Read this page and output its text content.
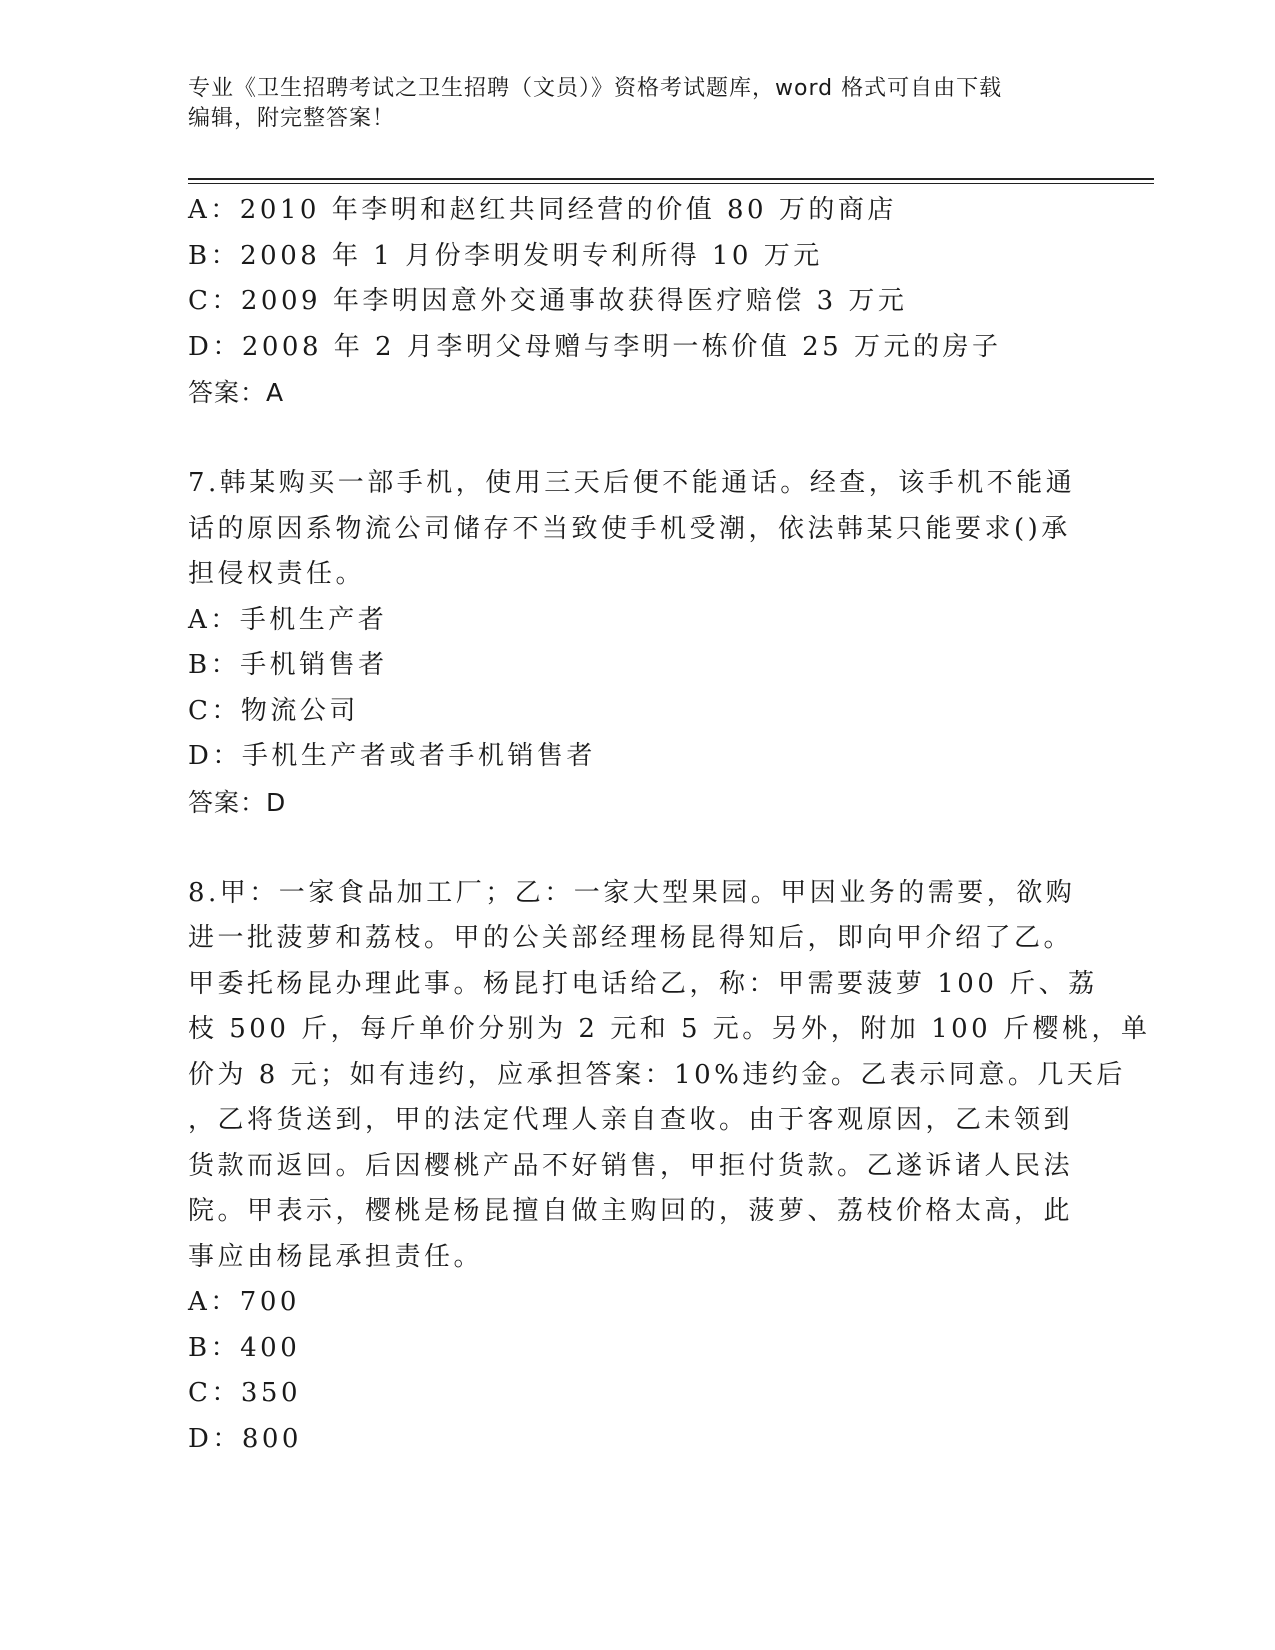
专业《卫生招聘考试之卫生招聘（文员）》资格考试题库，word 格式可自由下载
编辑，附完整答案！
A：2010 年李明和赵红共同经营的价值 80 万的商店
B：2008 年 1 月份李明发明专利所得 10 万元
C：2009 年李明因意外交通事故获得医疗赔偿 3 万元
D：2008 年 2 月李明父母赠与李明一栋价值 25 万元的房子
答案：A
7.韩某购买一部手机，使用三天后便不能通话。经查，该手机不能通
话的原因系物流公司储存不当致使手机受潮，依法韩某只能要求()承
担侵权责任。
A：手机生产者
B：手机销售者
C：物流公司
D：手机生产者或者手机销售者
答案：D
8.甲：一家食品加工厂；乙：一家大型果园。甲因业务的需要，欲购
进一批菠萝和荔枝。甲的公关部经理杨昆得知后，即向甲介绍了乙。
甲委托杨昆办理此事。杨昆打电话给乙，称：甲需要菠萝 100 斤、荔
枝 500 斤，每斤单价分别为 2 元和 5 元。另外，附加 100 斤樱桃，单
价为 8 元；如有违约，应承担答案：10%违约金。乙表示同意。几天后
，乙将货送到，甲的法定代理人亲自查收。由于客观原因，乙未领到
货款而返回。后因樱桃产品不好销售，甲拒付货款。乙遂诉诸人民法
院。甲表示，樱桃是杨昆擅自做主购回的，菠萝、荔枝价格太高，此
事应由杨昆承担责任。
A：700
B：400
C：350
D：800
